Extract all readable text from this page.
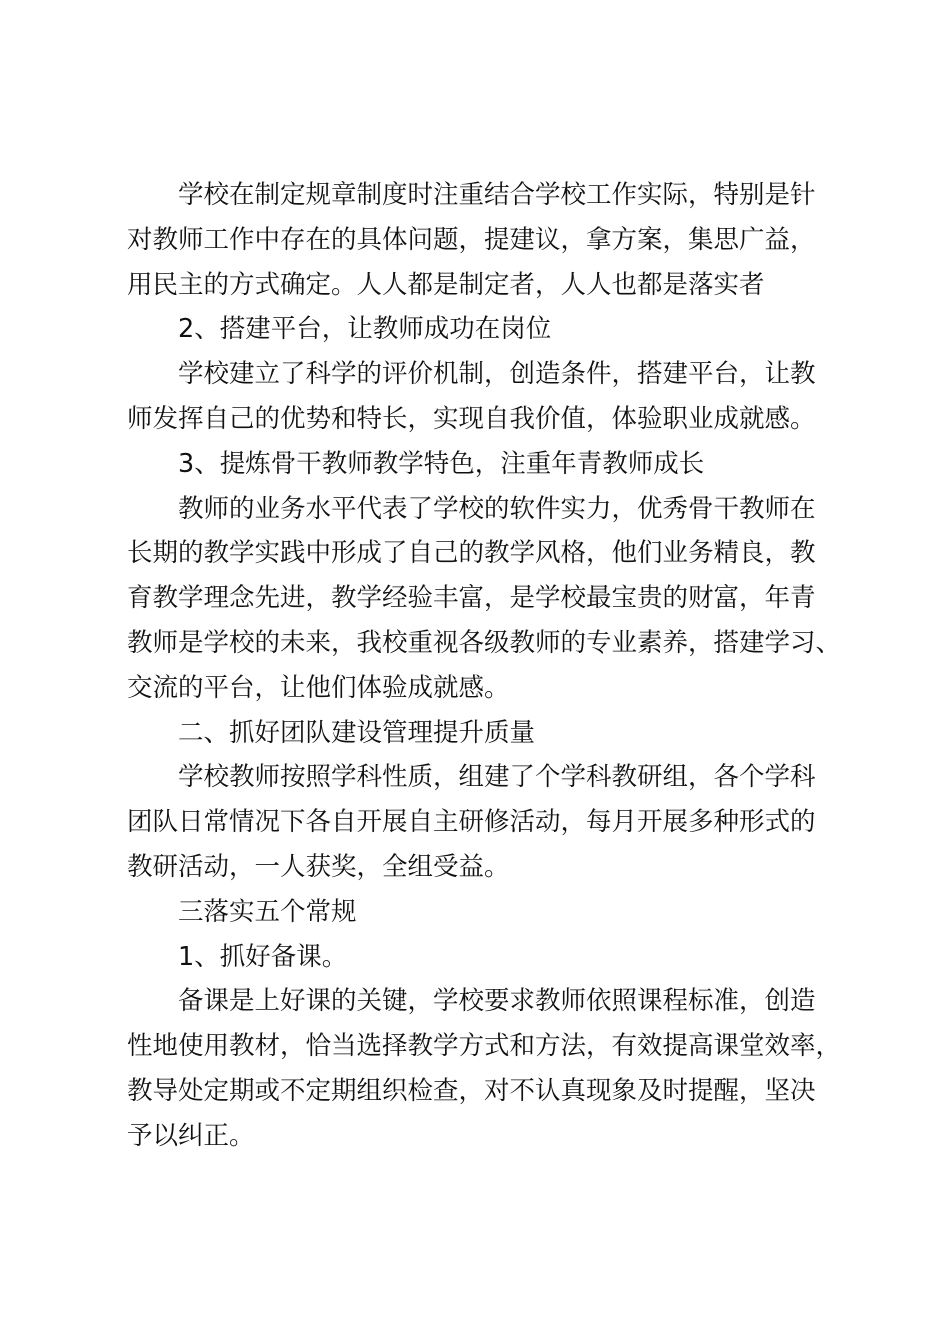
学校在制定规章制度时注重结合学校工作实际，特别是针
对教师工作中存在的具体问题，提建议，拿方案，集思广益，
用民主的方式确定。人人都是制定者，人人也都是落实者

2、搭建平台，让教师成功在岗位

学校建立了科学的评价机制，创造条件，搭建平台，让教
师发挥自己的优势和特长，实现自我价值，体验职业成就感。

3、提炼骨干教师教学特色，注重年青教师成长

教师的业务水平代表了学校的软件实力，优秀骨干教师在
长期的教学实践中形成了自己的教学风格，他们业务精良，教
育教学理念先进，教学经验丰富，是学校最宝贵的财富，年青
教师是学校的未来，我校重视各级教师的专业素养，搭建学习、
交流的平台，让他们体验成就感。

二、抓好团队建设管理提升质量

学校教师按照学科性质，组建了个学科教研组，各个学科
团队日常情况下各自开展自主研修活动，每月开展多种形式的
教研活动，一人获奖，全组受益。

三落实五个常规

1、抓好备课。

备课是上好课的关键，学校要求教师依照课程标准，创造
性地使用教材，恰当选择教学方式和方法，有效提高课堂效率，
教导处定期或不定期组织检查，对不认真现象及时提醒，坚决
予以纠正。
